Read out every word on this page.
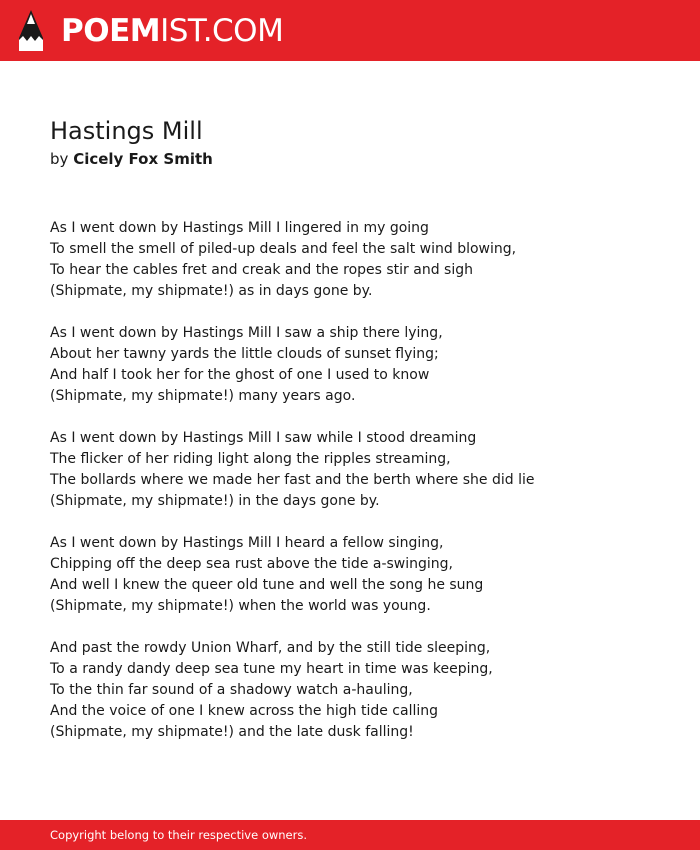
POEMIST.COM
Hastings Mill
by Cicely Fox Smith
As I went down by Hastings Mill I lingered in my going
To smell the smell of piled-up deals and feel the salt wind blowing,
To hear the cables fret and creak and the ropes stir and sigh
(Shipmate, my shipmate!) as in days gone by.
As I went down by Hastings Mill I saw a ship there lying,
About her tawny yards the little clouds of sunset flying;
And half I took her for the ghost of one I used to know
(Shipmate, my shipmate!) many years ago.
As I went down by Hastings Mill I saw while I stood dreaming
The flicker of her riding light along the ripples streaming,
The bollards where we made her fast and the berth where she did lie
(Shipmate, my shipmate!) in the days gone by.
As I went down by Hastings Mill I heard a fellow singing,
Chipping off the deep sea rust above the tide a-swinging,
And well I knew the queer old tune and well the song he sung
(Shipmate, my shipmate!) when the world was young.
And past the rowdy Union Wharf, and by the still tide sleeping,
To a randy dandy deep sea tune my heart in time was keeping,
To the thin far sound of a shadowy watch a-hauling,
And the voice of one I knew across the high tide calling
(Shipmate, my shipmate!) and the late dusk falling!
Copyright belong to their respective owners.
